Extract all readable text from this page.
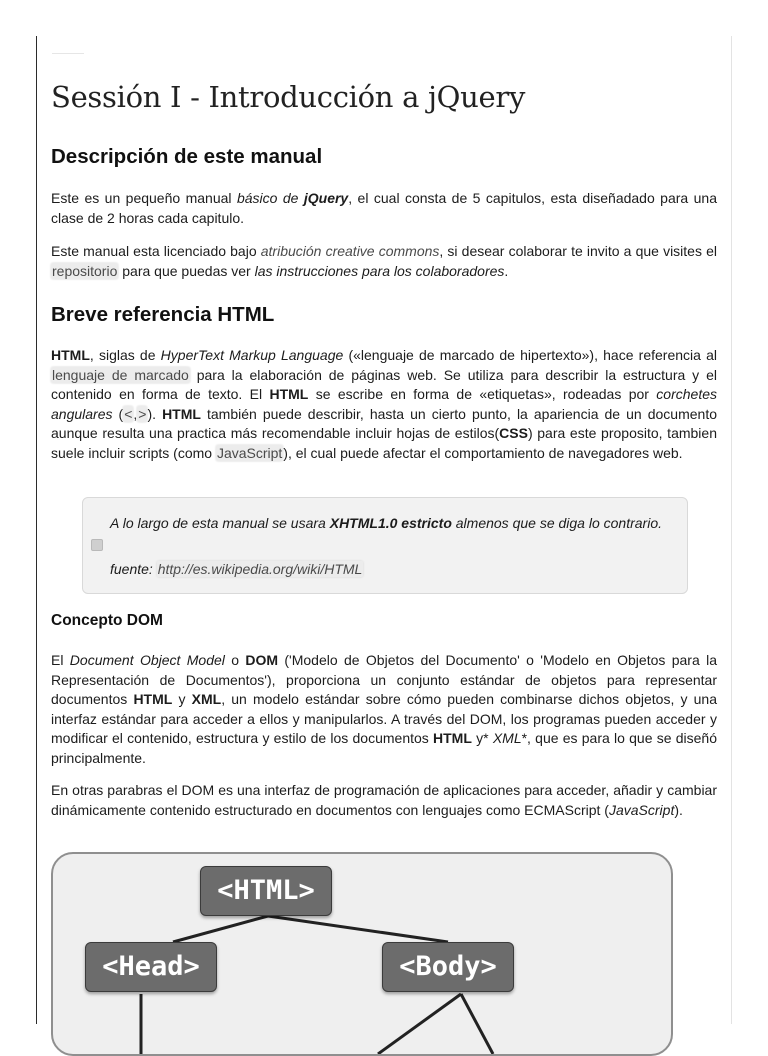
Sessión I - Introducción a jQuery
Descripción de este manual

Este es un pequeño manual básico de jQuery, el cual consta de 5 capitulos, esta diseñadado para una clase de 2 horas cada capitulo.

Este manual esta licenciado bajo atribución creative commons, si desear colaborar te invito a que visites el repositorio para que puedas ver las instrucciones para los colaboradores.

Breve referencia HTML

HTML, siglas de HyperText Markup Language («lenguaje de marcado de hipertexto»), hace referencia al lenguaje de marcado para la elaboración de páginas web. Se utiliza para describir la estructura y el contenido en forma de texto. El HTML se escribe en forma de «etiquetas», rodeadas por corchetes angulares (<,>). HTML también puede describir, hasta un cierto punto, la apariencia de un documento aunque resulta una practica más recomendable incluir hojas de estilos(CSS) para este proposito, tambien suele incluir scripts (como JavaScript), el cual puede afectar el comportamiento de navegadores web.

A lo largo de esta manual se usara XHTML1.0 estricto almenos que se diga lo contrario.

fuente: http://es.wikipedia.org/wiki/HTML

Concepto DOM

El Document Object Model o DOM ('Modelo de Objetos del Documento' o 'Modelo en Objetos para la Representación de Documentos'), proporciona un conjunto estándar de objetos para representar documentos HTML y XML, un modelo estándar sobre cómo pueden combinarse dichos objetos, y una interfaz estándar para acceder a ellos y manipularlos. A través del DOM, los programas pueden acceder y modificar el contenido, estructura y estilo de los documentos HTML y* XML*, que es para lo que se diseñó principalmente.

En otras parabras el DOM es una interfaz de programación de aplicaciones para acceder, añadir y cambiar dinámicamente contenido estructurado en documentos con lenguajes como ECMAScript (JavaScript).

<HTML>
<Head>	<Body>
